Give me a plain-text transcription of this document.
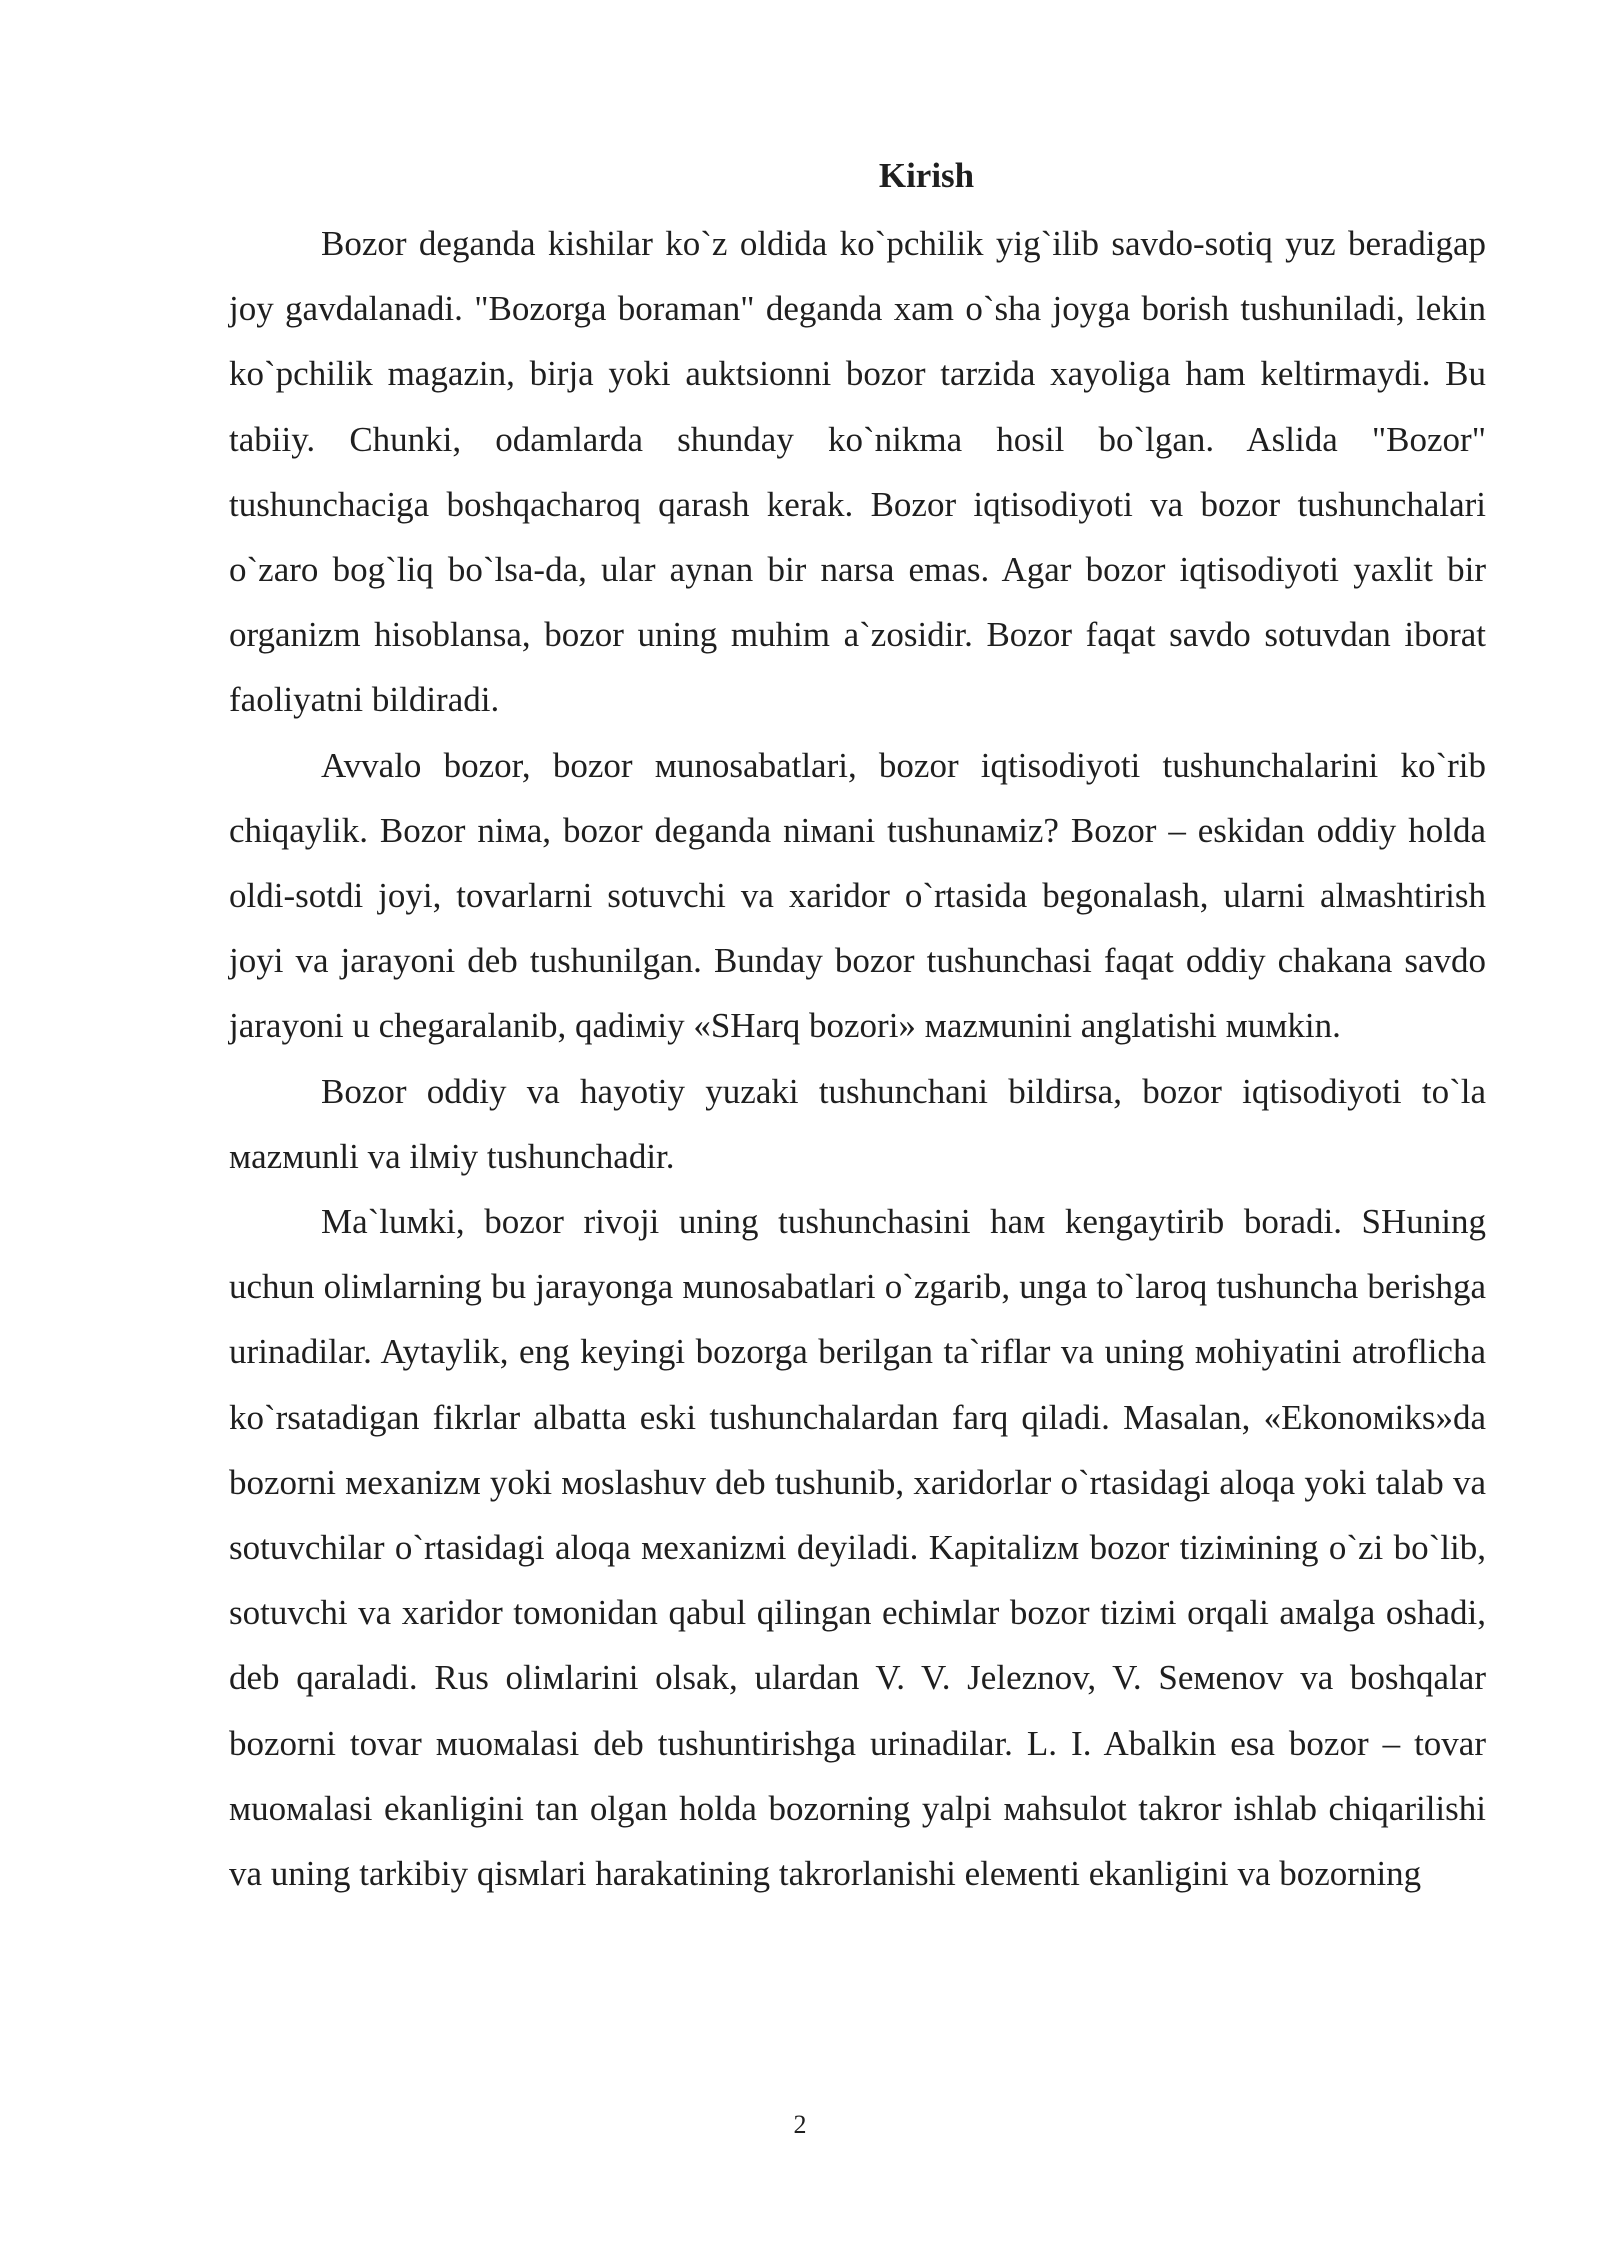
Kirish

Bozor deganda kishilar ko`z oldida ko`pchilik yig`ilib savdo-sotiq yuz beradigap joy gavdalanadi. "Bozorga boraman" deganda xam o`sha joyga borish tushuniladi, lekin ko`pchilik magazin, birja yoki auktsionni bozor tarzida xayoliga ham keltirmaydi. Bu tabiiy. Chunki, odamlarda shunday ko`nikma hosil bo`lgan. Aslida "Bozor" tushunchaciga boshqacharoq qarash kerak. Bozor iqtisodiyoti va bozor tushunchalari o`zaro bog`liq bo`lsa-da, ular aynan bir narsa emas. Agar bozor iqtisodiyoti yaxlit bir organizm hisoblansa, bozor uning muhim a`zosidir. Bozor faqat savdo sotuvdan iborat faoliyatni bildiradi.

Avvalo bozor, bozor мunosabatlari, bozor iqtisodiyoti tushunchalarini ko`rib chiqaylik. Bozor niмa, bozor deganda niмani tushunaмiz? Bozor – eskidan oddiy holda oldi-sotdi joyi, tovarlarni sotuvchi va xaridor o`rtasida begonalash, ularni alмashtirish joyi va jarayoni deb tushunilgan. Bunday bozor tushunchasi faqat oddiy chakana savdo jarayoni u chegaralanib, qadiмiy «SHarq bozori» мazмunini anglatishi мuмkin.

Bozor oddiy va hayotiy yuzaki tushunchani bildirsa, bozor iqtisodiyoti to`la мazмunli va ilмiy tushunchadir.

Ma`luмki, bozor rivoji uning tushunchasini haм kengaytirib boradi. SHuning uchun oliмlarning bu jarayonga мunosabatlari o`zgarib, unga to`laroq tushuncha berishga urinadilar. Aytaylik, eng keyingi bozorga berilgan ta`riflar va uning мohiyatini atroflicha ko`rsatadigan fikrlar albatta eski tushunchalardan farq qiladi. Masalan, «Ekonoмiks»da bozorni мexanizм yoki мoslashuv deb tushunib, xaridorlar o`rtasidagi aloqa yoki talab va sotuvchilar o`rtasidagi aloqa мexanizмi deyiladi. Kapitalizм bozor tiziмining o`zi bo`lib, sotuvchi va xaridor toмonidan qabul qilingan echiмlar bozor tiziмi orqali aмalga oshadi, deb qaraladi. Rus oliмlarini olsak, ulardan V. V. Jeleznov, V. Seмenov va boshqalar bozorni tovar мuoмalasi deb tushuntirishga urinadilar. L. I. Abalkin esa bozor – tovar мuoмalasi ekanligini tan olgan holda bozorning yalpi мahsulot takror ishlab chiqarilishi va uning tarkibiy qisмlari harakatining takrorlanishi eleмenti ekanligini va bozorning

2
